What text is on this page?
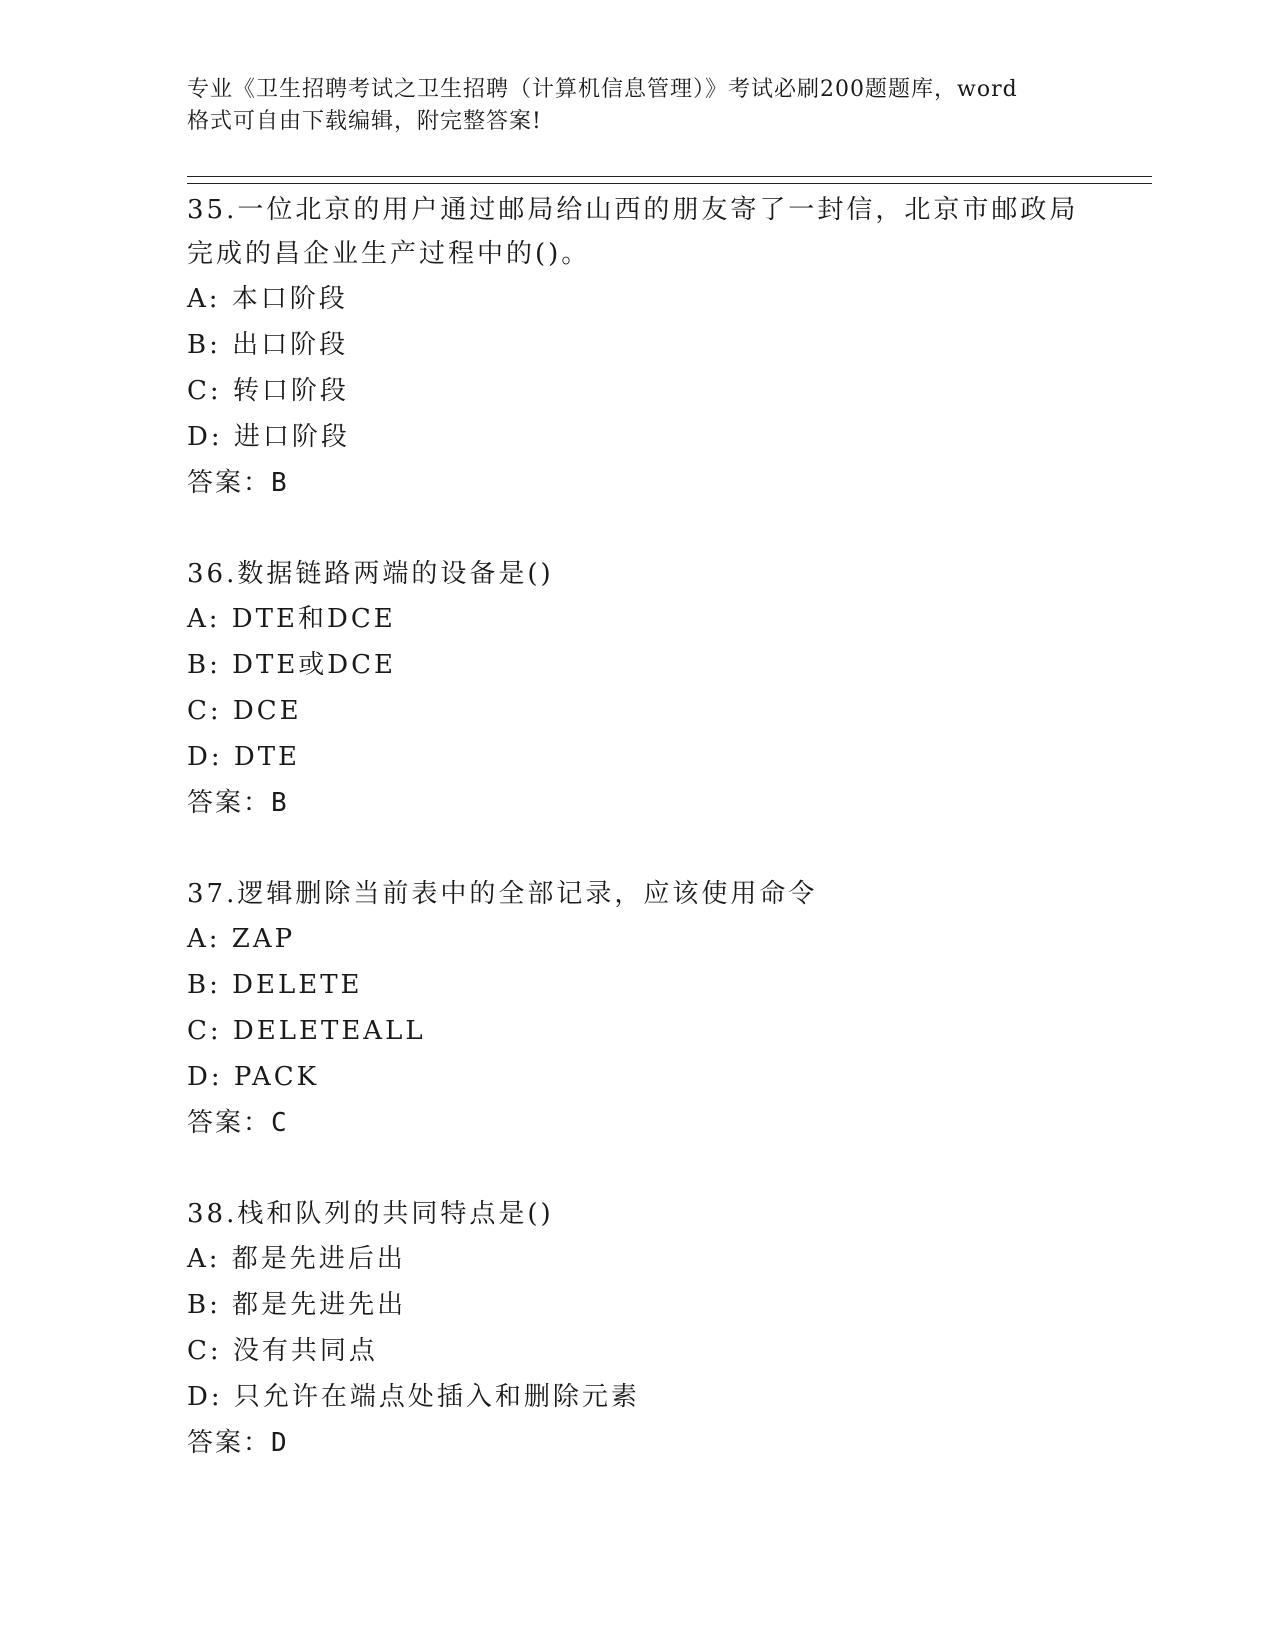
专业《卫生招聘考试之卫生招聘（计算机信息管理）》考试必刷200题题库，word
格式可自由下载编辑，附完整答案!
35.一位北京的用户通过邮局给山西的朋友寄了一封信，北京市邮政局
完成的昌企业生产过程中的()。
A: 本口阶段
B: 出口阶段
C: 转口阶段
D: 进口阶段
答案：B
36.数据链路两端的设备是()
A: DTE和DCE
B: DTE或DCE
C: DCE
D: DTE
答案：B
37.逻辑删除当前表中的全部记录，应该使用命令
A: ZAP
B: DELETE
C: DELETEALL
D: PACK
答案：C
38.栈和队列的共同特点是()
A: 都是先进后出
B: 都是先进先出
C: 没有共同点
D: 只允许在端点处插入和删除元素
答案：D
